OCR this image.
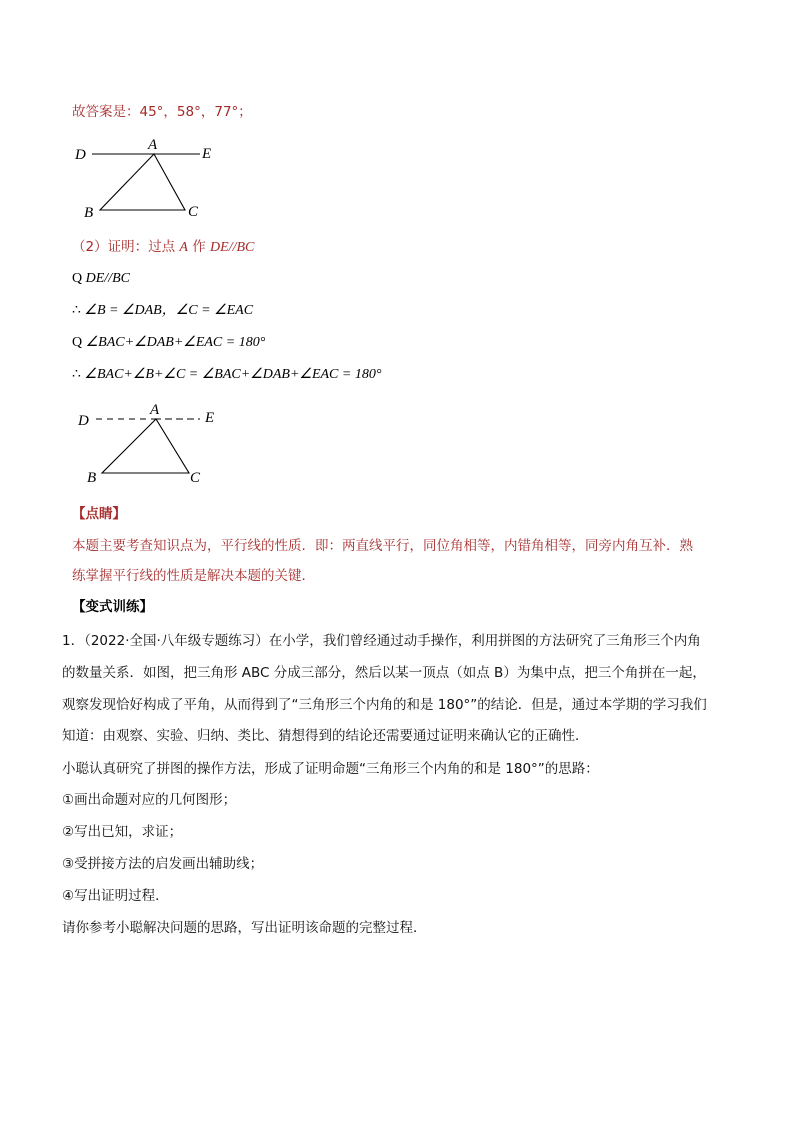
故答案是：45°，58°，77°；
D
A
E
B	C
（2）证明：过点 A 作 DE//BC
Q DE//BC
∴ ∠B = ∠DAB，∠C = ∠EAC
Q ∠BAC+∠DAB+∠EAC = 180°
∴ ∠BAC+∠B+∠C = ∠BAC+∠DAB+∠EAC = 180°
D
A	E
B	C
【点睛】
本题主要考查知识点为，平行线的性质．即：两直线平行，同位角相等，内错角相等，同旁内角互补．熟
练掌握平行线的性质是解决本题的关键．
【变式训练】
1．（2022·全国·八年级专题练习）在小学，我们曾经通过动手操作，利用拼图的方法研究了三角形三个内角
的数量关系．如图，把三角形 ABC 分成三部分，然后以某一顶点（如点 B）为集中点，把三个角拼在一起，
观察发现恰好构成了平角，从而得到了“三角形三个内角的和是 180°”的结论．但是，通过本学期的学习我们
知道：由观察、实验、归纳、类比、猜想得到的结论还需要通过证明来确认它的正确性．
小聪认真研究了拼图的操作方法，形成了证明命题“三角形三个内角的和是 180°”的思路：
①画出命题对应的几何图形；
②写出已知，求证；
③受拼接方法的启发画出辅助线；
④写出证明过程．
请你参考小聪解决问题的思路，写出证明该命题的完整过程．
